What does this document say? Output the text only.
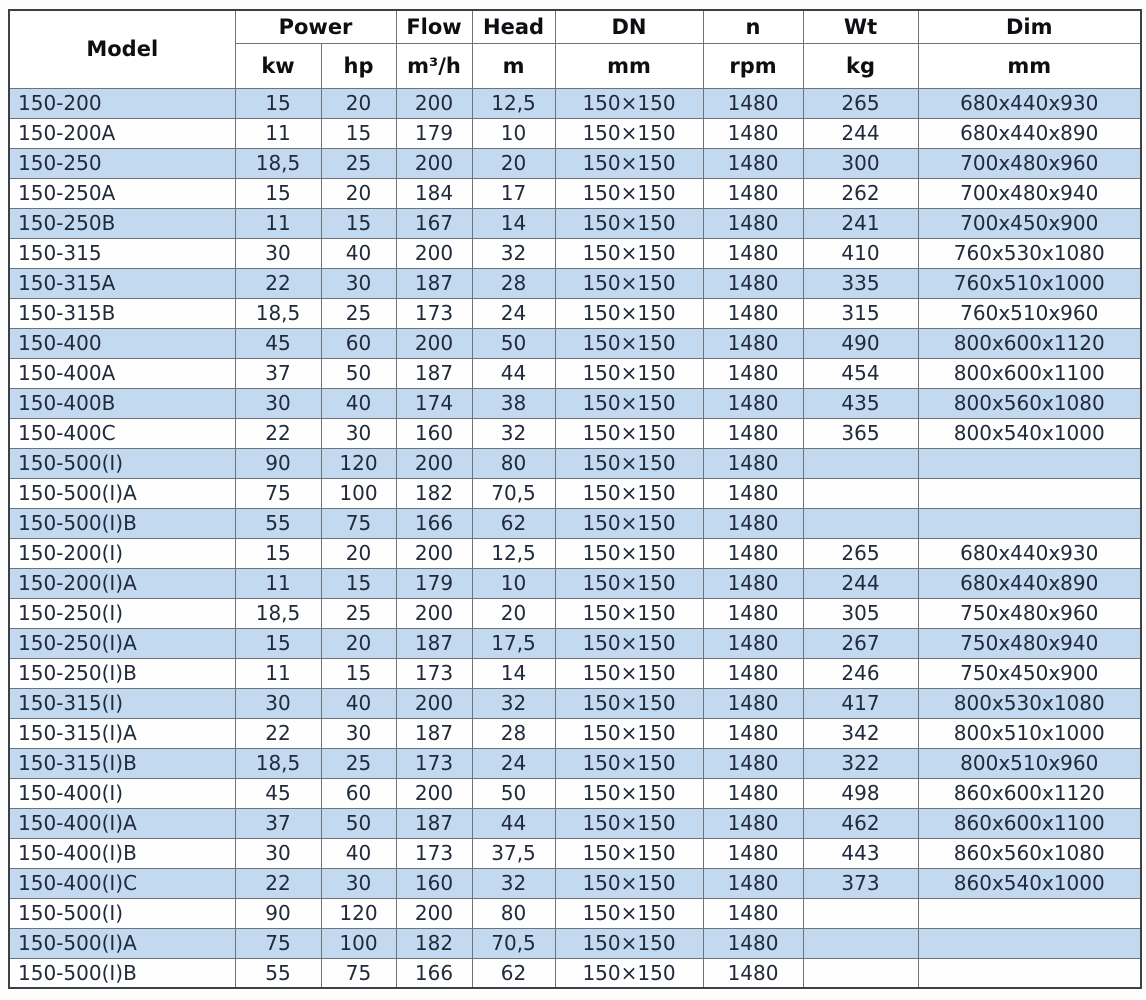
Model	Power		Flow	Head	DN	n	Wt	Dim
	kw	hp	m³/h	m	mm	rpm	kg	mm
150-200	15	20	200	12,5	150×150	1480	265	680x440x930
150-200A	11	15	179	10	150×150	1480	244	680x440x890
150-250	18,5	25	200	20	150×150	1480	300	700x480x960
150-250A	15	20	184	17	150×150	1480	262	700x480x940
150-250B	11	15	167	14	150×150	1480	241	700x450x900
150-315	30	40	200	32	150×150	1480	410	760x530x1080
150-315A	22	30	187	28	150×150	1480	335	760x510x1000
150-315B	18,5	25	173	24	150×150	1480	315	760x510x960
150-400	45	60	200	50	150×150	1480	490	800x600x1120
150-400A	37	50	187	44	150×150	1480	454	800x600x1100
150-400B	30	40	174	38	150×150	1480	435	800x560x1080
150-400C	22	30	160	32	150×150	1480	365	800x540x1000
150-500(I)	90	120	200	80	150×150	1480		
150-500(I)A	75	100	182	70,5	150×150	1480		
150-500(I)B	55	75	166	62	150×150	1480		
150-200(I)	15	20	200	12,5	150×150	1480	265	680x440x930
150-200(I)A	11	15	179	10	150×150	1480	244	680x440x890
150-250(I)	18,5	25	200	20	150×150	1480	305	750x480x960
150-250(I)A	15	20	187	17,5	150×150	1480	267	750x480x940
150-250(I)B	11	15	173	14	150×150	1480	246	750x450x900
150-315(I)	30	40	200	32	150×150	1480	417	800x530x1080
150-315(I)A	22	30	187	28	150×150	1480	342	800x510x1000
150-315(I)B	18,5	25	173	24	150×150	1480	322	800x510x960
150-400(I)	45	60	200	50	150×150	1480	498	860x600x1120
150-400(I)A	37	50	187	44	150×150	1480	462	860x600x1100
150-400(I)B	30	40	173	37,5	150×150	1480	443	860x560x1080
150-400(I)C	22	30	160	32	150×150	1480	373	860x540x1000
150-500(I)	90	120	200	80	150×150	1480		
150-500(I)A	75	100	182	70,5	150×150	1480		
150-500(I)B	55	75	166	62	150×150	1480		
